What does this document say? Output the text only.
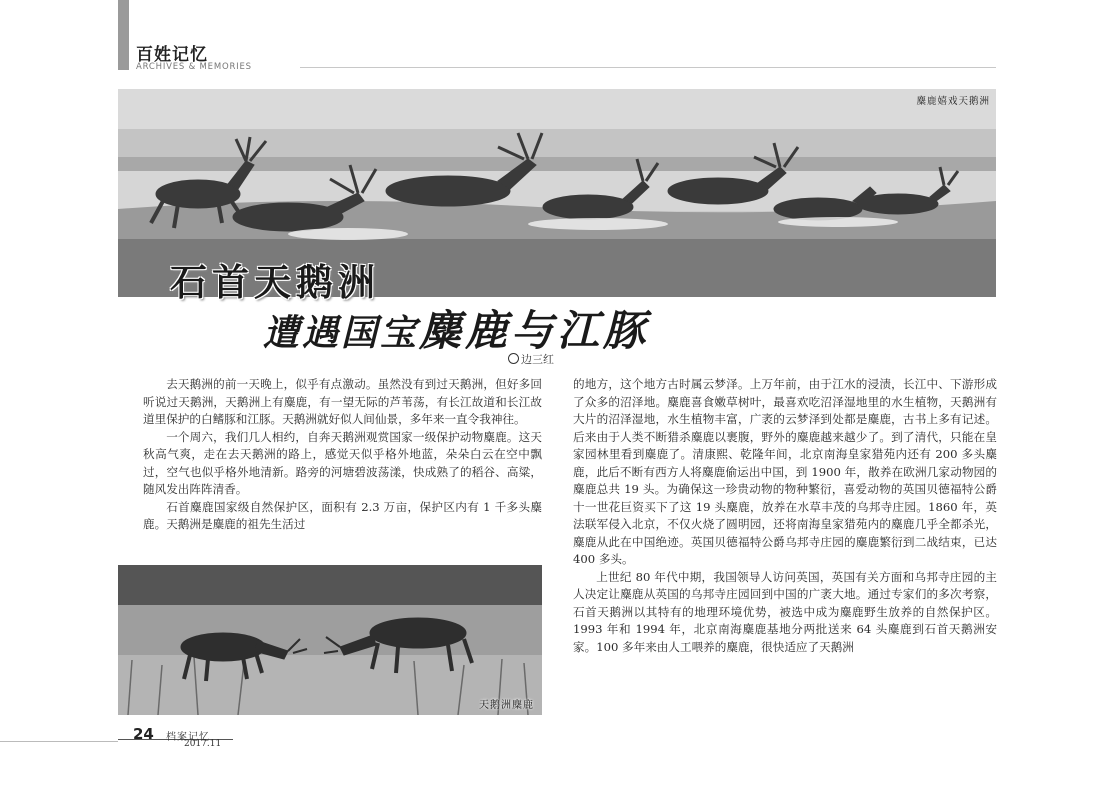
百姓记忆
ARCHIVES & MEMORIES
麋鹿嬉戏天鹅洲
石首天鹅洲
遭遇国宝麋鹿与江豚
边三红

去天鹅洲的前一天晚上，似乎有点激动。虽然没有到过天鹅洲，但好多回听说过天鹅洲，天鹅洲上有麋鹿，有一望无际的芦苇荡，有长江故道和长江故道里保护的白鳍豚和江豚。天鹅洲就好似人间仙景，多年来一直令我神往。

一个周六，我们几人相约，自奔天鹅洲观赏国家一级保护动物麋鹿。这天秋高气爽，走在去天鹅洲的路上，感觉天似乎格外地蓝，朵朵白云在空中飘过，空气也似乎格外地清新。路旁的河塘碧波荡漾，快成熟了的稻谷、高粱，随风发出阵阵清香。

石首麋鹿国家级自然保护区，面积有 2.3 万亩，保护区内有 1 千多头麋鹿。天鹅洲是麋鹿的祖先生活过

天鹅洲麋鹿

的地方，这个地方古时属云梦泽。上万年前，由于江水的浸渍，长江中、下游形成了众多的沼泽地。麋鹿喜食嫩草树叶，最喜欢吃沼泽湿地里的水生植物，天鹅洲有大片的沼泽湿地，水生植物丰富，广袤的云梦泽到处都是麋鹿，古书上多有记述。后来由于人类不断猎杀麋鹿以裹腹，野外的麋鹿越来越少了。到了清代，只能在皇家园林里看到麋鹿了。清康熙、乾隆年间，北京南海皇家猎苑内还有 200 多头麋鹿，此后不断有西方人将麋鹿偷运出中国，到 1900 年，散养在欧洲几家动物园的麋鹿总共 19 头。为确保这一珍贵动物的物种繁衍，喜爱动物的英国贝德福特公爵十一世花巨资买下了这 19 头麋鹿，放养在水草丰茂的乌邦寺庄园。1860 年，英法联军侵入北京，不仅火烧了圆明园，还将南海皇家猎苑内的麋鹿几乎全都杀光，麋鹿从此在中国绝迹。英国贝德福特公爵乌邦寺庄园的麋鹿繁衍到二战结束，已达 400 多头。

上世纪 80 年代中期，我国领导人访问英国，英国有关方面和乌邦寺庄园的主人决定让麋鹿从英国的乌邦寺庄园回到中国的广袤大地。通过专家们的多次考察，石首天鹅洲以其特有的地理环境优势，被选中成为麋鹿野生放养的自然保护区。1993 年和 1994 年，北京南海麋鹿基地分两批送来 64 头麋鹿到石首天鹅洲安家。100 多年来由人工喂养的麋鹿，很快适应了天鹅洲

24 档案记忆
2017.11
